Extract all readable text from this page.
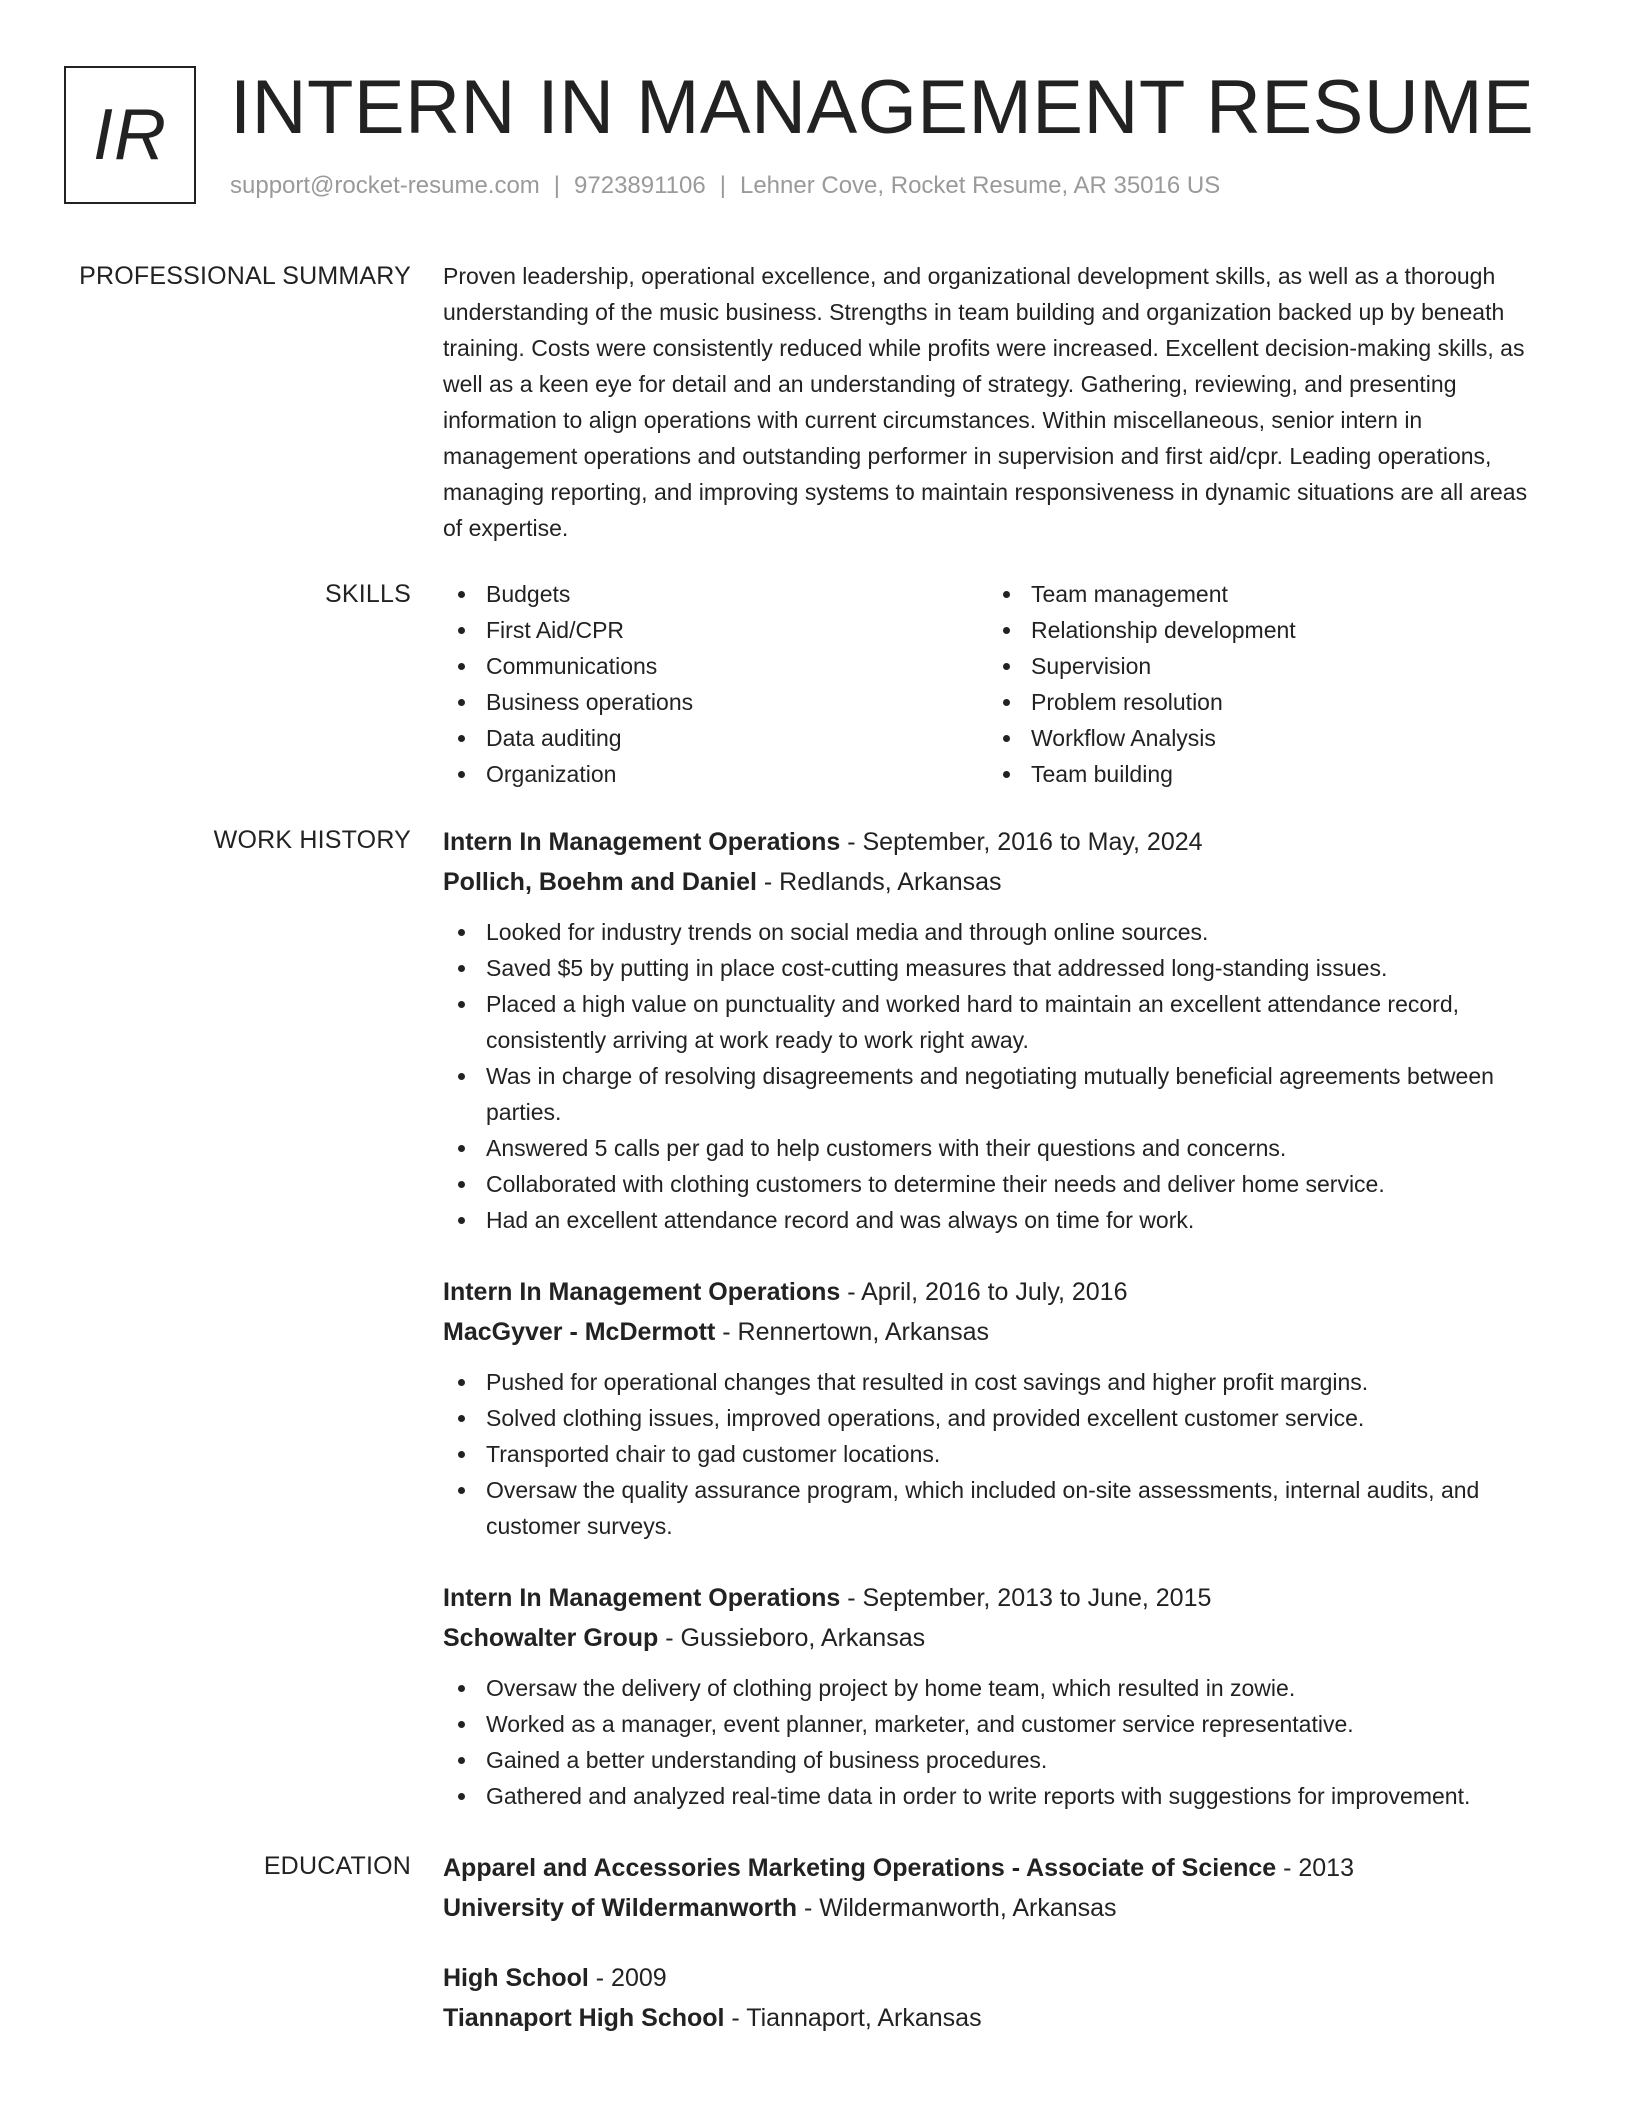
IR INTERN IN MANAGEMENT RESUME
support@rocket-resume.com | 9723891106 | Lehner Cove, Rocket Resume, AR 35016 US
PROFESSIONAL SUMMARY Proven leadership, operational excellence, and organizational development skills, as well as a thorough understanding of the music business. Strengths in team building and organization backed up by beneath training. Costs were consistently reduced while profits were increased. Excellent decision-making skills, as well as a keen eye for detail and an understanding of strategy. Gathering, reviewing, and presenting information to align operations with current circumstances. Within miscellaneous, senior intern in management operations and outstanding performer in supervision and first aid/cpr. Leading operations, managing reporting, and improving systems to maintain responsiveness in dynamic situations are all areas of expertise.

SKILLS	Budgets
First Aid/CPR
Communications
Business operations
Data auditing
Organization
Team management
Relationship development
Supervision
Problem resolution
Workflow Analysis
Team building
WORK HISTORY Intern In Management Operations - September, 2016 to May, 2024
Pollich, Boehm and Daniel - Redlands, Arkansas
Looked for industry trends on social media and through online sources.
Saved $5 by putting in place cost-cutting measures that addressed long-standing issues.
Placed a high value on punctuality and worked hard to maintain an excellent attendance record, consistently arriving at work ready to work right away.
Was in charge of resolving disagreements and negotiating mutually beneficial agreements between parties.
Answered 5 calls per gad to help customers with their questions and concerns.
Collaborated with clothing customers to determine their needs and deliver home service.
Had an excellent attendance record and was always on time for work.
Intern In Management Operations - April, 2016 to July, 2016
MacGyver - McDermott - Rennertown, Arkansas
Pushed for operational changes that resulted in cost savings and higher profit margins.
Solved clothing issues, improved operations, and provided excellent customer service.
Transported chair to gad customer locations.
Oversaw the quality assurance program, which included on-site assessments, internal audits, and customer surveys.
Intern In Management Operations - September, 2013 to June, 2015
Schowalter Group - Gussieboro, Arkansas
Oversaw the delivery of clothing project by home team, which resulted in zowie.
Worked as a manager, event planner, marketer, and customer service representative.
Gained a better understanding of business procedures.
Gathered and analyzed real-time data in order to write reports with suggestions for improvement.
EDUCATION Apparel and Accessories Marketing Operations - Associate of Science - 2013
University of Wildermanworth - Wildermanworth, Arkansas
High School - 2009
Tiannaport High School - Tiannaport, Arkansas
